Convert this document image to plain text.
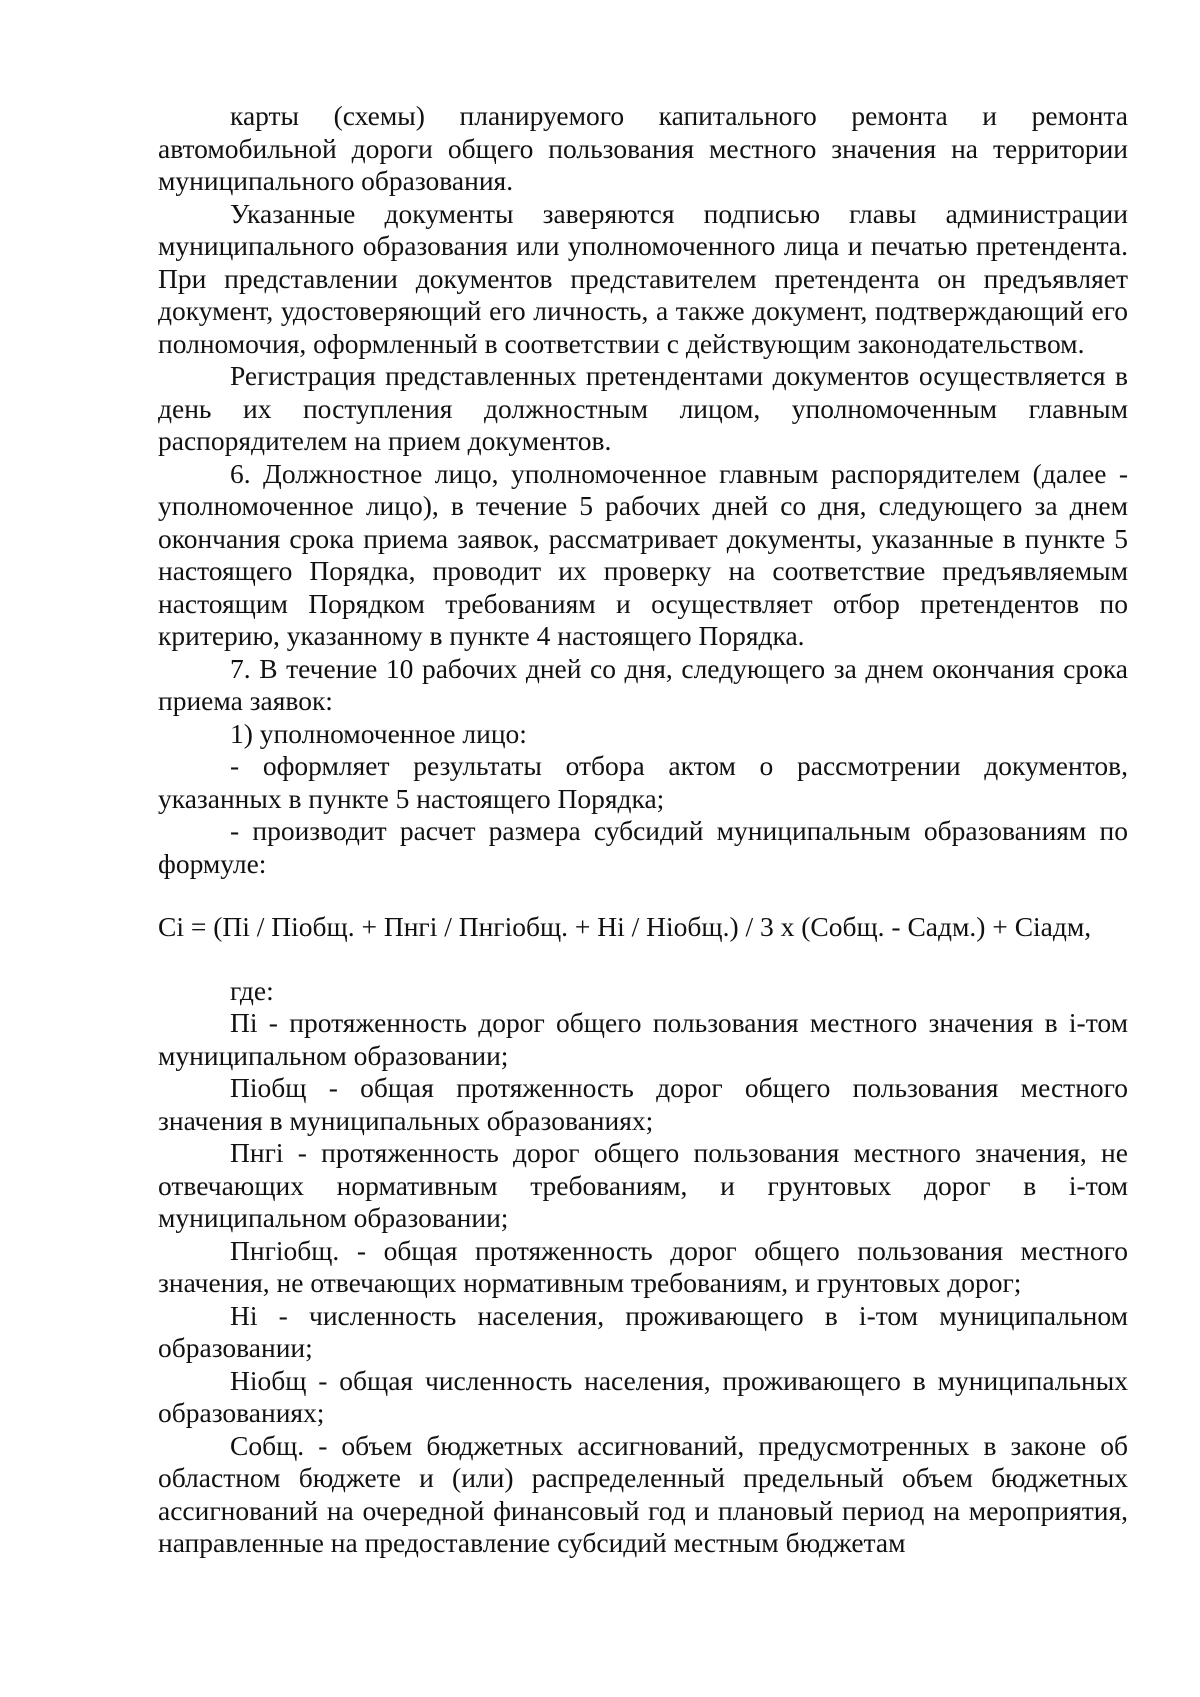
карты (схемы) планируемого капитального ремонта и ремонта автомобильной дороги общего пользования местного значения на территории муниципального образования.

Указанные документы заверяются подписью главы администрации муниципального образования или уполномоченного лица и печатью претендента. При представлении документов представителем претендента он предъявляет документ, удостоверяющий его личность, а также документ, подтверждающий его полномочия, оформленный в соответствии с действующим законодательством.

Регистрация представленных претендентами документов осуществляется в день их поступления должностным лицом, уполномоченным главным распорядителем на прием документов.

6. Должностное лицо, уполномоченное главным распорядителем (далее - уполномоченное лицо), в течение 5 рабочих дней со дня, следующего за днем окончания срока приема заявок, рассматривает документы, указанные в пункте 5 настоящего Порядка, проводит их проверку на соответствие предъявляемым настоящим Порядком требованиям и осуществляет отбор претендентов по критерию, указанному в пункте 4 настоящего Порядка.

7. В течение 10 рабочих дней со дня, следующего за днем окончания срока приема заявок:

1) уполномоченное лицо:

- оформляет результаты отбора актом о рассмотрении документов, указанных в пункте 5 настоящего Порядка;

- производит расчет размера субсидий муниципальным образованиям по формуле:

Сi = (Пi / Пiобщ. + Пнгi / Пнгiобщ. + Нi / Нiобщ.) / 3 х (Собщ. - Садм.) + Сiадм,

где:

Пi - протяженность дорог общего пользования местного значения в i-том муниципальном образовании;

Пiобщ - общая протяженность дорог общего пользования местного значения в муниципальных образованиях;

Пнгi - протяженность дорог общего пользования местного значения, не отвечающих нормативным требованиям, и грунтовых дорог в i-том муниципальном образовании;

Пнгiобщ. - общая протяженность дорог общего пользования местного значения, не отвечающих нормативным требованиям, и грунтовых дорог;

Нi - численность населения, проживающего в i-том муниципальном образовании;

Нiобщ - общая численность населения, проживающего в муниципальных образованиях;

Собщ. - объем бюджетных ассигнований, предусмотренных в законе об областном бюджете и (или) распределенный предельный объем бюджетных ассигнований на очередной финансовый год и плановый период на мероприятия, направленные на предоставление субсидий местным бюджетам
